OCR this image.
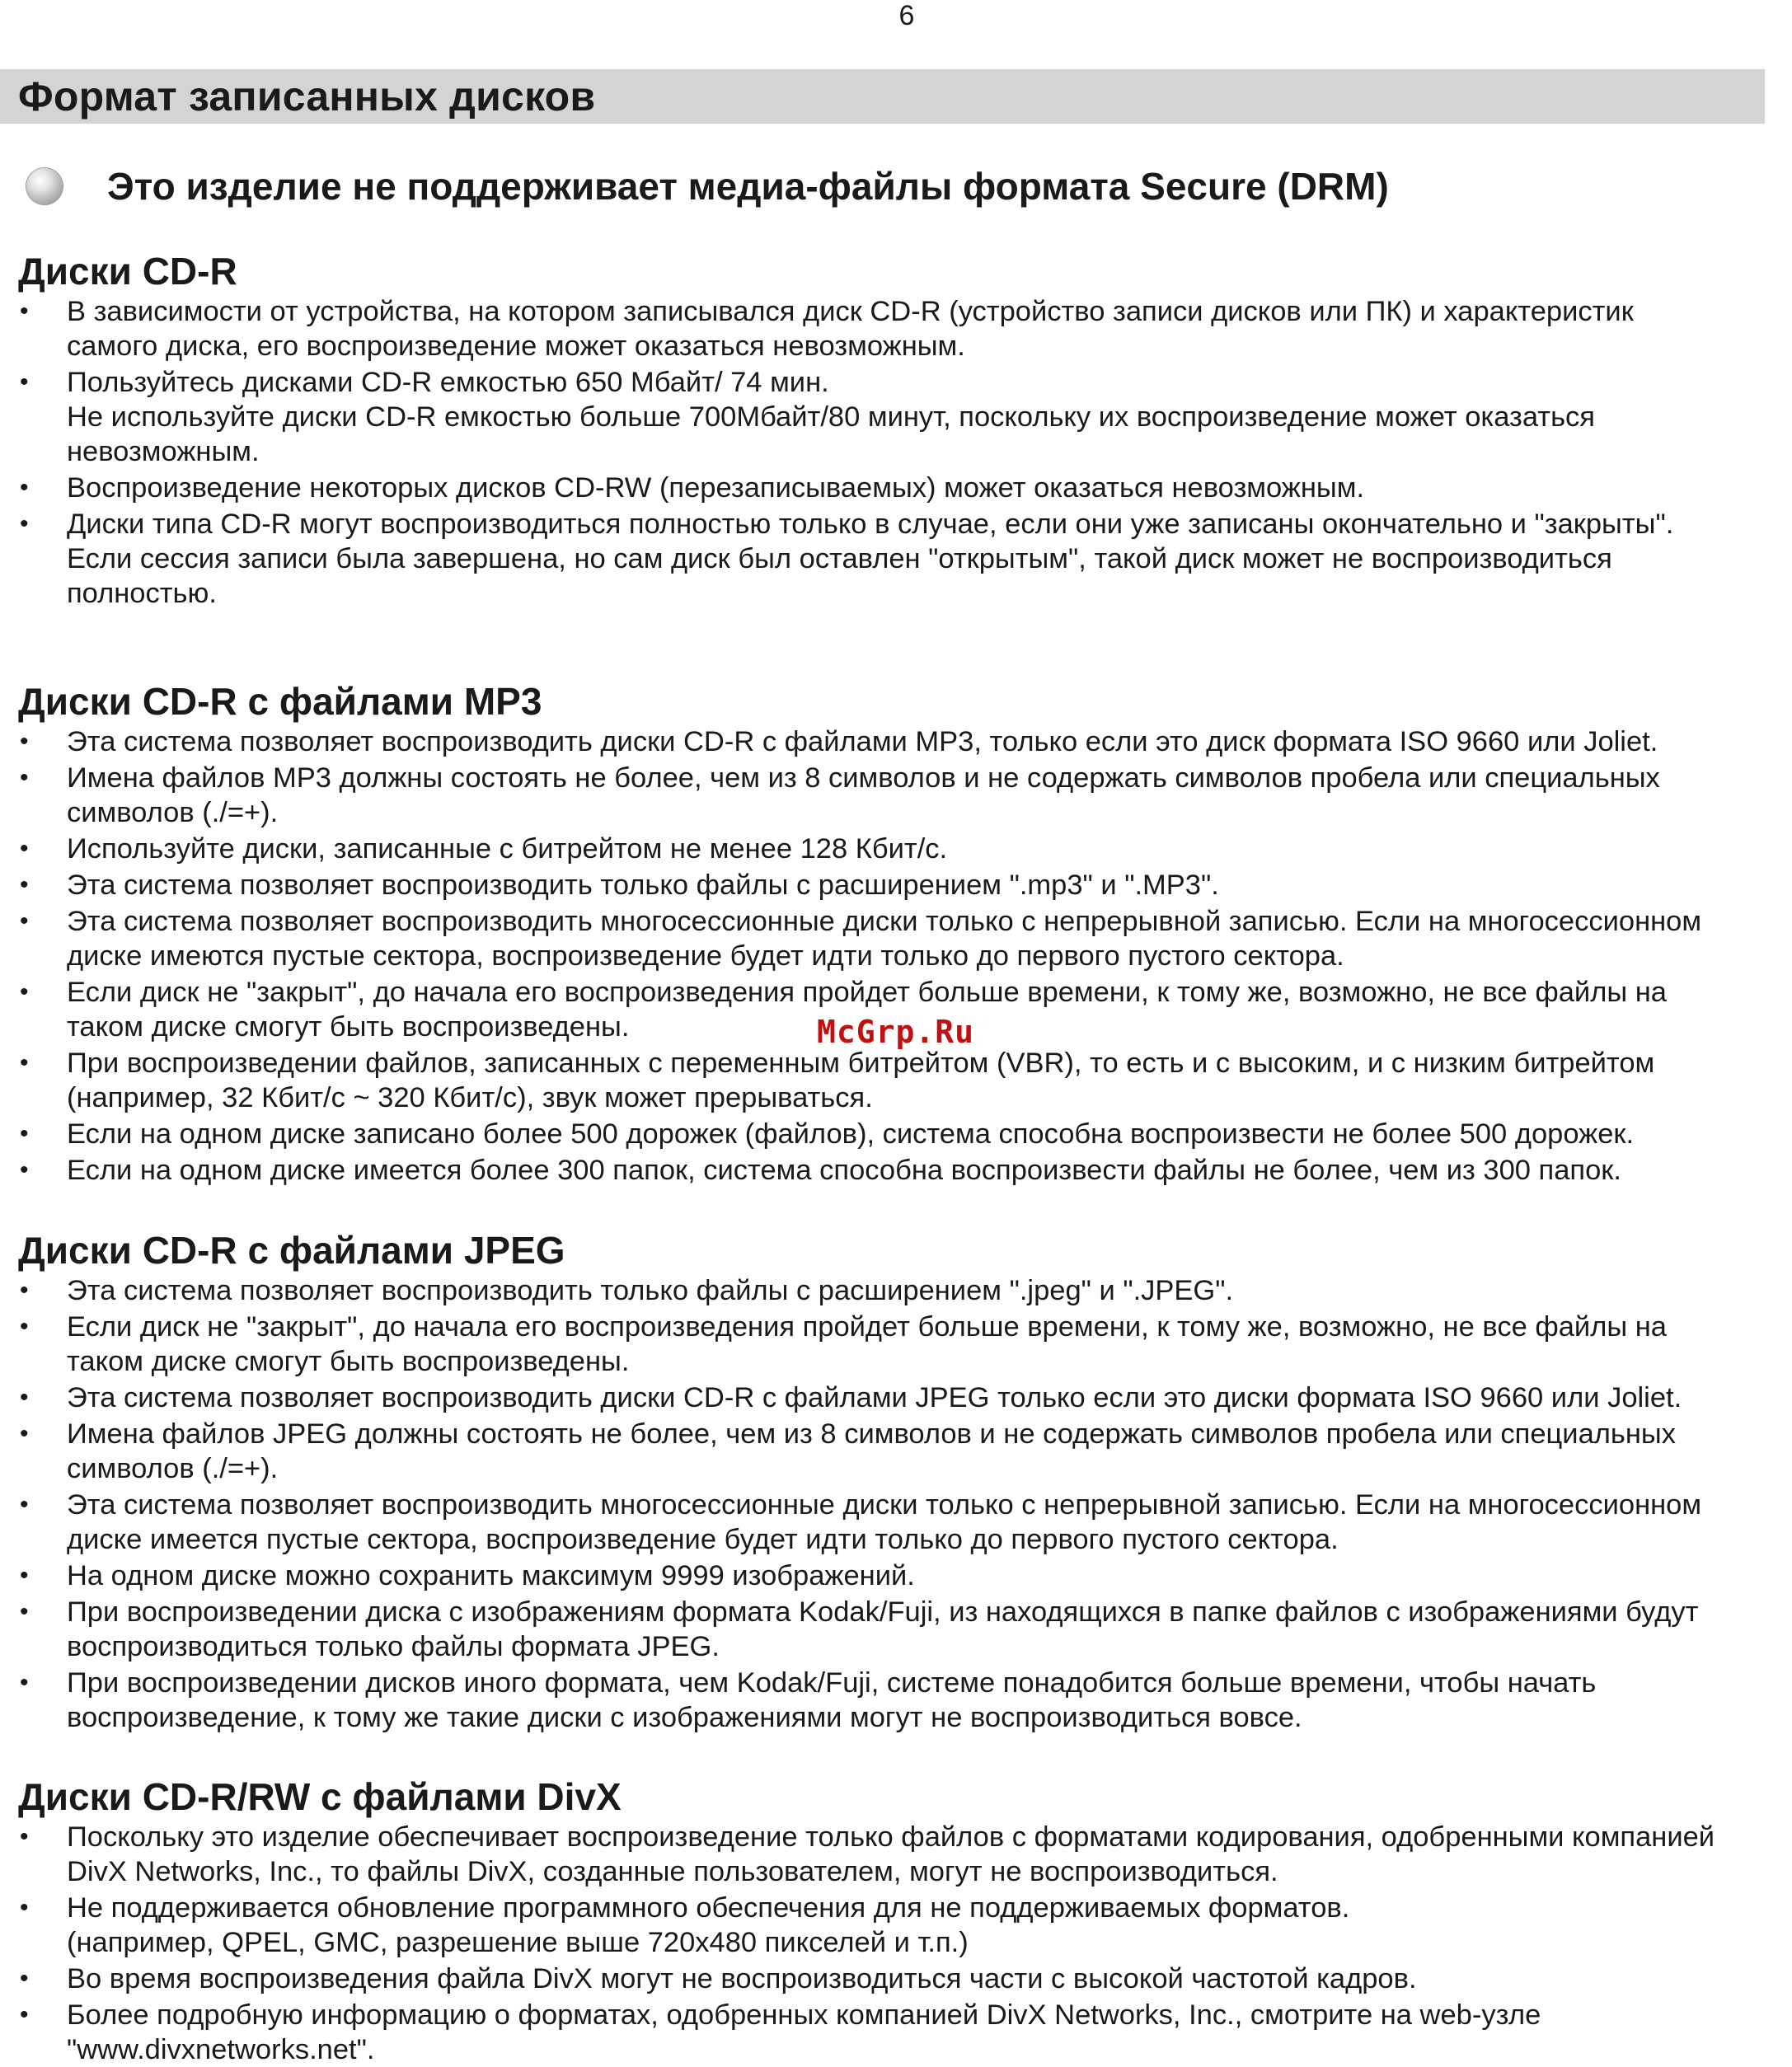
6
Формат записанных дисков
Это изделие не поддерживает медиа-файлы формата Secure (DRM)
Диски CD-R
• В зависимости от устройства, на котором записывался диск CD-R (устройство записи дисков или ПК) и характеристик
самого диска, его воспроизведение может оказаться невозможным.
• Пользуйтесь дисками CD-R емкостью 650 Мбайт/ 74 мин.
Не используйте диски CD-R емкостью больше 700Мбайт/80 минут, поскольку их воспроизведение может оказаться
невозможным.
• Воспроизведение некоторых дисков CD-RW (перезаписываемых) может оказаться невозможным.
• Диски типа CD-R могут воспроизводиться полностью только в случае, если они уже записаны окончательно и "закрыты".
Если сессия записи была завершена, но сам диск был оставлен "открытым", такой диск может не воспроизводиться
полностью.
Диски CD-R с файлами MP3
• Эта система позволяет воспроизводить диски CD-R с файлами MP3, только если это диск формата ISO 9660 или Joliet.
• Имена файлов MP3 должны состоять не более, чем из 8 символов и не содержать символов пробела или специальных
символов (./=+).
• Используйте диски, записанные с битрейтом не менее 128 Кбит/с.
• Эта система позволяет воспроизводить только файлы с расширением ".mp3" и ".MP3".
• Эта система позволяет воспроизводить многосессионные диски только с непрерывной записью. Если на многосессионном
диске имеются пустые сектора, воспроизведение будет идти только до первого пустого сектора.
• Если диск не "закрыт", до начала его воспроизведения пройдет больше времени, к тому же, возможно, не все файлы на
таком диске смогут быть воспроизведены.
• При воспроизведении файлов, записанных с переменным битрейтом (VBR), то есть и с высоким, и с низким битрейтом
(например, 32 Кбит/с ~ 320 Кбит/с), звук может прерываться.
• Если на одном диске записано более 500 дорожек (файлов), система способна воспроизвести не более 500 дорожек.
• Если на одном диске имеется более 300 папок, система способна воспроизвести файлы не более, чем из 300 папок.
McGrp.Ru
Диски CD-R с файлами JPEG
• Эта система позволяет воспроизводить только файлы с расширением ".jpeg" и ".JPEG".
• Если диск не "закрыт", до начала его воспроизведения пройдет больше времени, к тому же, возможно, не все файлы на
таком диске смогут быть воспроизведены.
• Эта система позволяет воспроизводить диски CD-R с файлами JPEG только если это диски формата ISO 9660 или Joliet.
• Имена файлов JPEG должны состоять не более, чем из 8 символов и не содержать символов пробела или специальных
символов (./=+).
• Эта система позволяет воспроизводить многосессионные диски только с непрерывной записью. Если на многосессионном
диске имеется пустые сектора, воспроизведение будет идти только до первого пустого сектора.
• На одном диске можно сохранить максимум 9999 изображений.
• При воспроизведении диска с изображениям формата Kodak/Fuji, из находящихся в папке файлов с изображениями будут
воспроизводиться только файлы формата JPEG.
• При воспроизведении дисков иного формата, чем Kodak/Fuji, системе понадобится больше времени, чтобы начать
воспроизведение, к тому же такие диски с изображениями могут не воспроизводиться вовсе.
Диски CD-R/RW с файлами DivX
• Поскольку это изделие обеспечивает воспроизведение только файлов с форматами кодирования, одобренными компанией
DivX Networks, Inc., то файлы DivX, созданные пользователем, могут не воспроизводиться.
• Не поддерживается обновление программного обеспечения для не поддерживаемых форматов.
(например, QPEL, GMC, разрешение выше 720x480 пикселей и т.п.)
• Во время воспроизведения файла DivX могут не воспроизводиться части с высокой частотой кадров.
• Более подробную информацию о форматах, одобренных компанией DivX Networks, Inc., смотрите на web-узле
"www.divxnetworks.net".
